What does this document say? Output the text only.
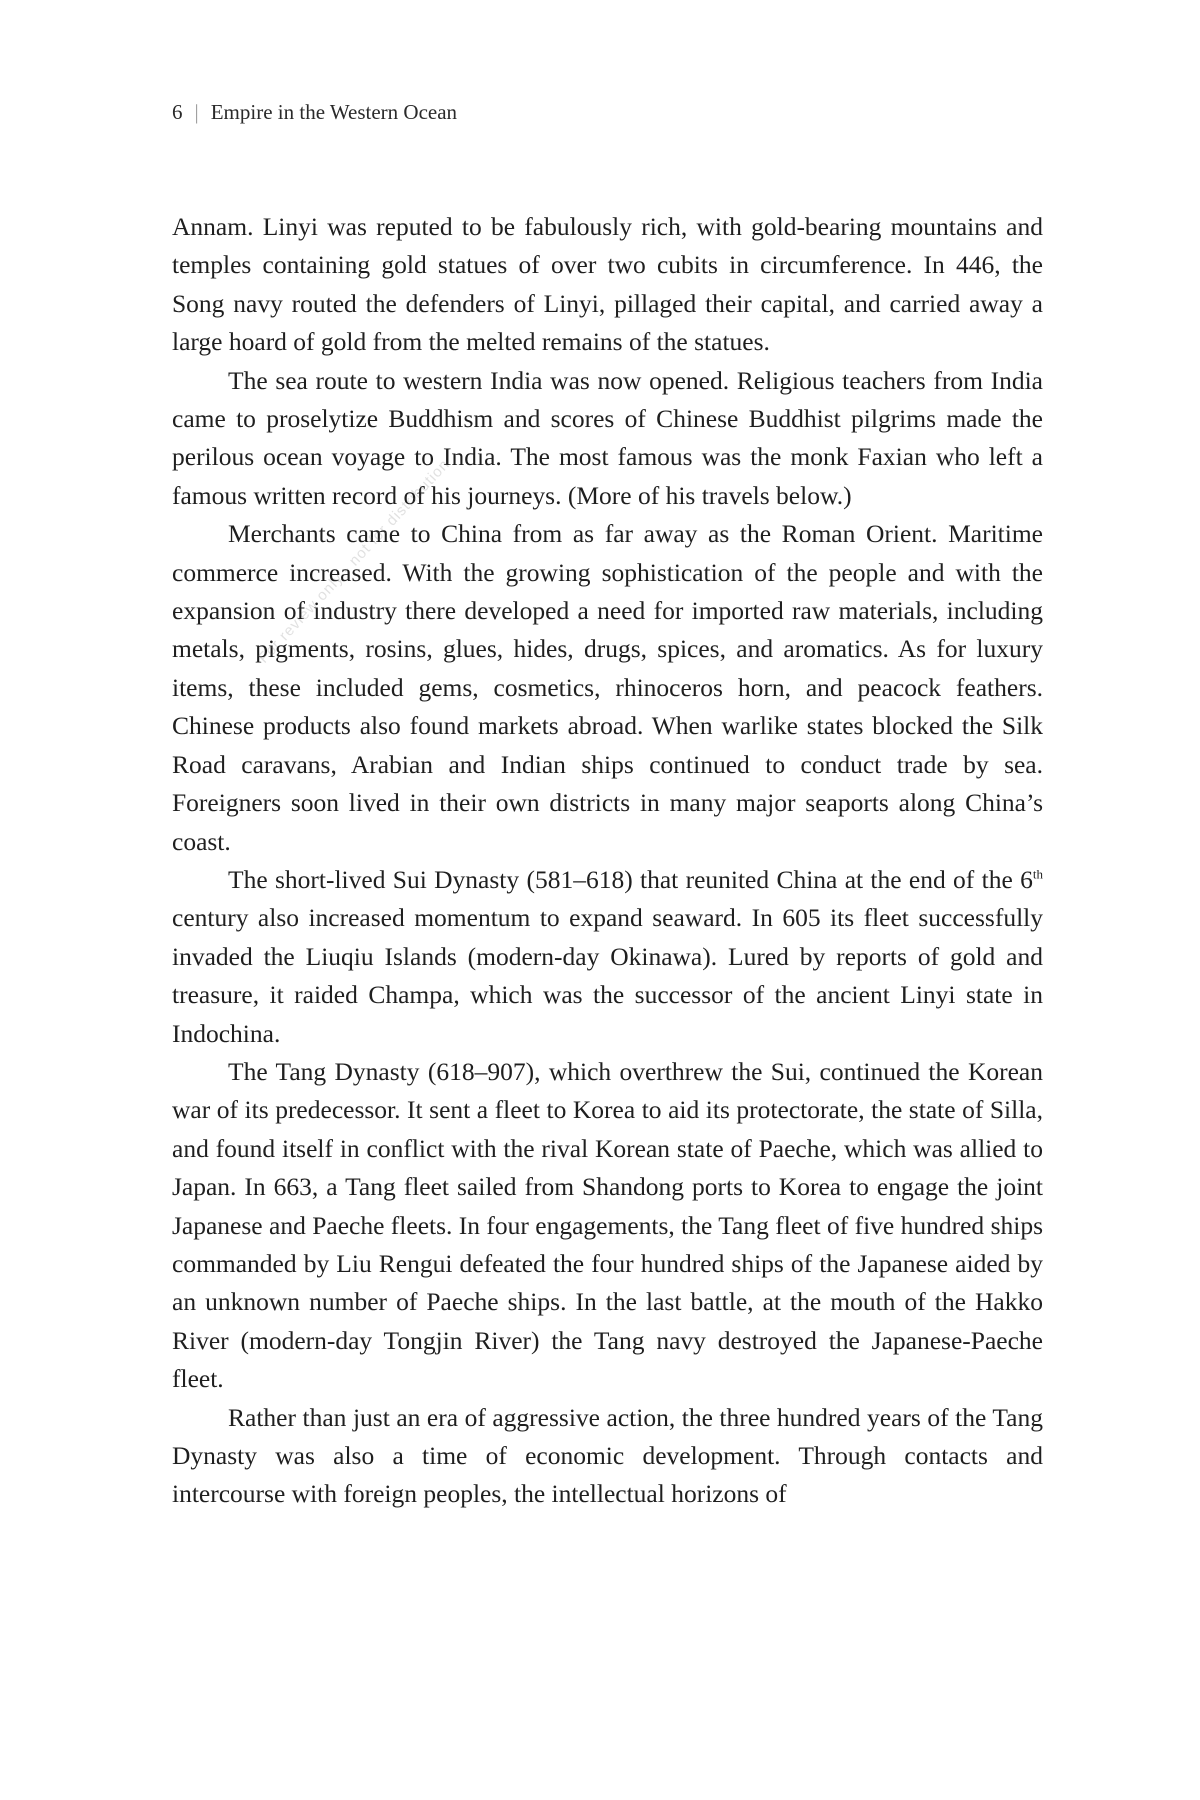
6 | Empire in the Western Ocean

Annam. Linyi was reputed to be fabulously rich, with gold-bearing mountains and temples containing gold statues of over two cubits in circumference. In 446, the Song navy routed the defenders of Linyi, pillaged their capital, and carried away a large hoard of gold from the melted remains of the statues.

The sea route to western India was now opened. Religious teachers from India came to proselytize Buddhism and scores of Chinese Buddhist pilgrims made the perilous ocean voyage to India. The most famous was the monk Faxian who left a famous written record of his journeys. (More of his travels below.)

Merchants came to China from as far away as the Roman Orient. Maritime commerce increased. With the growing sophistication of the people and with the expansion of industry there developed a need for imported raw materials, including metals, pigments, rosins, glues, hides, drugs, spices, and aromatics. As for luxury items, these included gems, cosmetics, rhinoceros horn, and peacock feathers. Chinese products also found markets abroad. When warlike states blocked the Silk Road caravans, Arabian and Indian ships continued to conduct trade by sea. Foreigners soon lived in their own districts in many major seaports along China’s coast.

The short-lived Sui Dynasty (581–618) that reunited China at the end of the 6th century also increased momentum to expand seaward. In 605 its fleet successfully invaded the Liuqiu Islands (modern-day Okinawa). Lured by reports of gold and treasure, it raided Champa, which was the successor of the ancient Linyi state in Indochina.

The Tang Dynasty (618–907), which overthrew the Sui, continued the Korean war of its predecessor. It sent a fleet to Korea to aid its protectorate, the state of Silla, and found itself in conflict with the rival Korean state of Paeche, which was allied to Japan. In 663, a Tang fleet sailed from Shandong ports to Korea to engage the joint Japanese and Paeche fleets. In four engagements, the Tang fleet of five hundred ships commanded by Liu Rengui defeated the four hundred ships of the Japanese aided by an unknown number of Paeche ships. In the last battle, at the mouth of the Hakko River (modern-day Tongjin River) the Tang navy destroyed the Japanese-Paeche fleet.

Rather than just an era of aggressive action, the three hundred years of the Tang Dynasty was also a time of economic development. Through contacts and intercourse with foreign peoples, the intellectual horizons of

For review only - not for distribution
